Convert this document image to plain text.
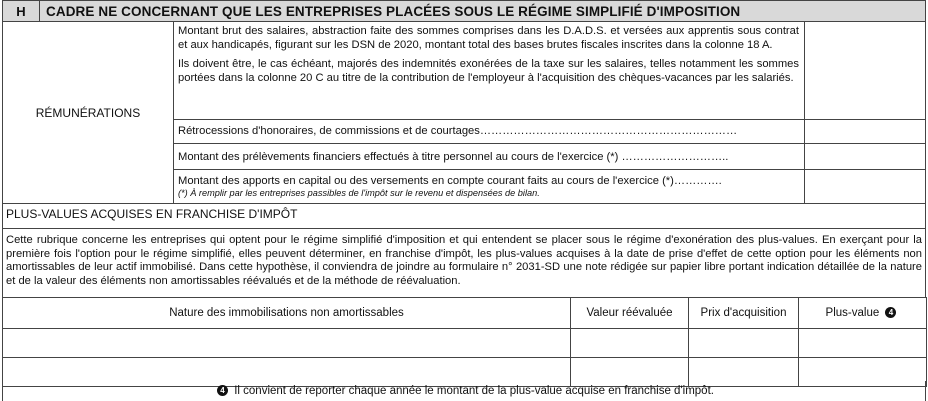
H	CADRE NE CONCERNANT QUE LES ENTREPRISES PLACÉES SOUS LE RÉGIME SIMPLIFIÉ D'IMPOSITION
RÉMUNÉRATIONS

Montant brut des salaires, abstraction faite des sommes comprises dans les D.A.D.S. et versées aux apprentis sous contrat et aux handicapés, figurant sur les DSN de 2020, montant total des bases brutes fiscales inscrites dans la colonne 18 A.

Ils doivent être, le cas échéant, majorés des indemnités exonérées de la taxe sur les salaires, telles notamment les sommes portées dans la colonne 20 C au titre de la contribution de l'employeur à l'acquisition des chèques-vacances par les salariés.

Rétrocessions d'honoraires, de commissions et de courtages……………………………………………………………
Montant des prélèvements financiers effectués à titre personnel au cours de l'exercice (*) ………………………..
Montant des apports en capital ou des versements en compte courant faits au cours de l'exercice (*)………….
(*) À remplir par les entreprises passibles de l'impôt sur le revenu et dispensées de bilan.
PLUS-VALUES ACQUISES EN FRANCHISE D'IMPÔT
Cette rubrique concerne les entreprises qui optent pour le régime simplifié d'imposition et qui entendent se placer sous le régime d'exonération des plus-values. En exerçant pour la première fois l'option pour le régime simplifié, elles peuvent déterminer, en franchise d'impôt, les plus-values acquises à la date de prise d'effet de cette option pour les éléments non amortissables de leur actif immobilisé. Dans cette hypothèse, il conviendra de joindre au formulaire n° 2031-SD une note rédigée sur papier libre portant indication détaillée de la nature et de la valeur des éléments non amortissables réévalués et de la méthode de réévaluation.
Nature des immobilisations non amortissables	Valeur réévaluée	Prix d'acquisition	Plus-value 4

4 Il convient de reporter chaque année le montant de la plus-value acquise en franchise d'impôt.
